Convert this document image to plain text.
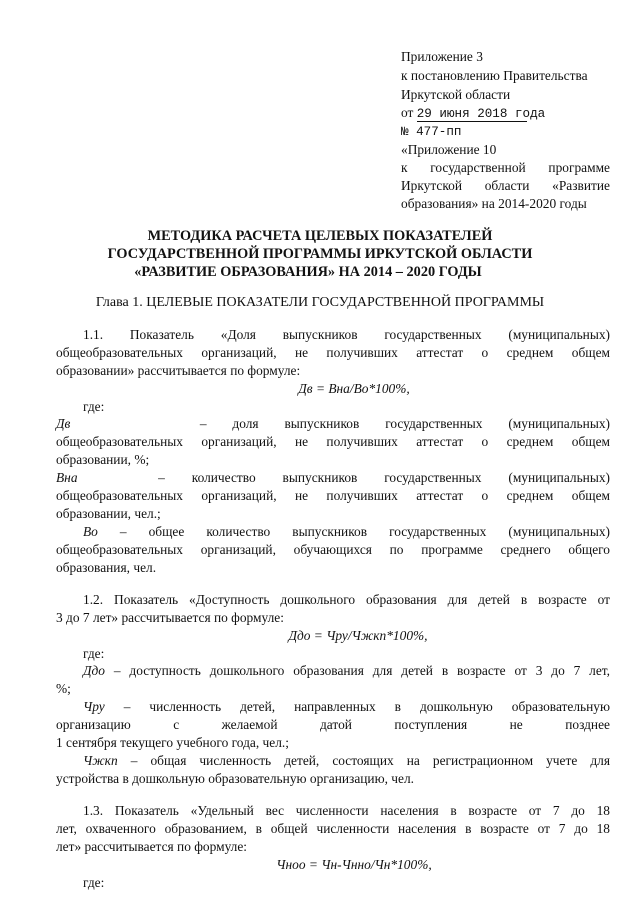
Приложение 3
к постановлению Правительства
Иркутской области
от 29 июня 2018 года
№ 477-пп
«Приложение 10
к государственной программе
Иркутской области «Развитие
образования» на 2014-2020 годы
МЕТОДИКА РАСЧЕТА ЦЕЛЕВЫХ ПОКАЗАТЕЛЕЙ
ГОСУДАРСТВЕННОЙ ПРОГРАММЫ ИРКУТСКОЙ ОБЛАСТИ
«РАЗВИТИЕ ОБРАЗОВАНИЯ» НА 2014 – 2020 ГОДЫ
Глава 1. ЦЕЛЕВЫЕ ПОКАЗАТЕЛИ ГОСУДАРСТВЕННОЙ ПРОГРАММЫ
1.1. Показатель «Доля выпускников государственных (муниципальных)
общеобразовательных организаций, не получивших аттестат о среднем общем
образовании» рассчитывается по формуле:
Дв = Вна/Во*100%,
где:
Дв	– доля выпускников государственных (муниципальных)
общеобразовательных организаций, не получивших аттестат о среднем общем
образовании, %;
Вна	– количество выпускников государственных (муниципальных)
общеобразовательных организаций, не получивших аттестат о среднем общем
образовании, чел.;
Во – общее количество выпускников государственных (муниципальных)
общеобразовательных организаций, обучающихся по программе среднего общего
образования, чел.
1.2. Показатель «Доступность дошкольного образования для детей в возрасте от
3 до 7 лет» рассчитывается по формуле:
Ддо = Чру/Чжкп*100%,
где:
Ддо – доступность дошкольного образования для детей в возрасте от 3 до 7 лет,
%;
Чру – численность детей, направленных в дошкольную образовательную
организацию с желаемой датой поступления не позднее
1 сентября текущего учебного года, чел.;
Чжкп – общая численность детей, состоящих на регистрационном учете для
устройства в дошкольную образовательную организацию, чел.
1.3. Показатель «Удельный вес численности населения в возрасте от 7 до 18
лет, охваченного образованием, в общей численности населения в возрасте от 7 до 18
лет» рассчитывается по формуле:
Чноо = Чн-Чнно/Чн*100%,
где:
